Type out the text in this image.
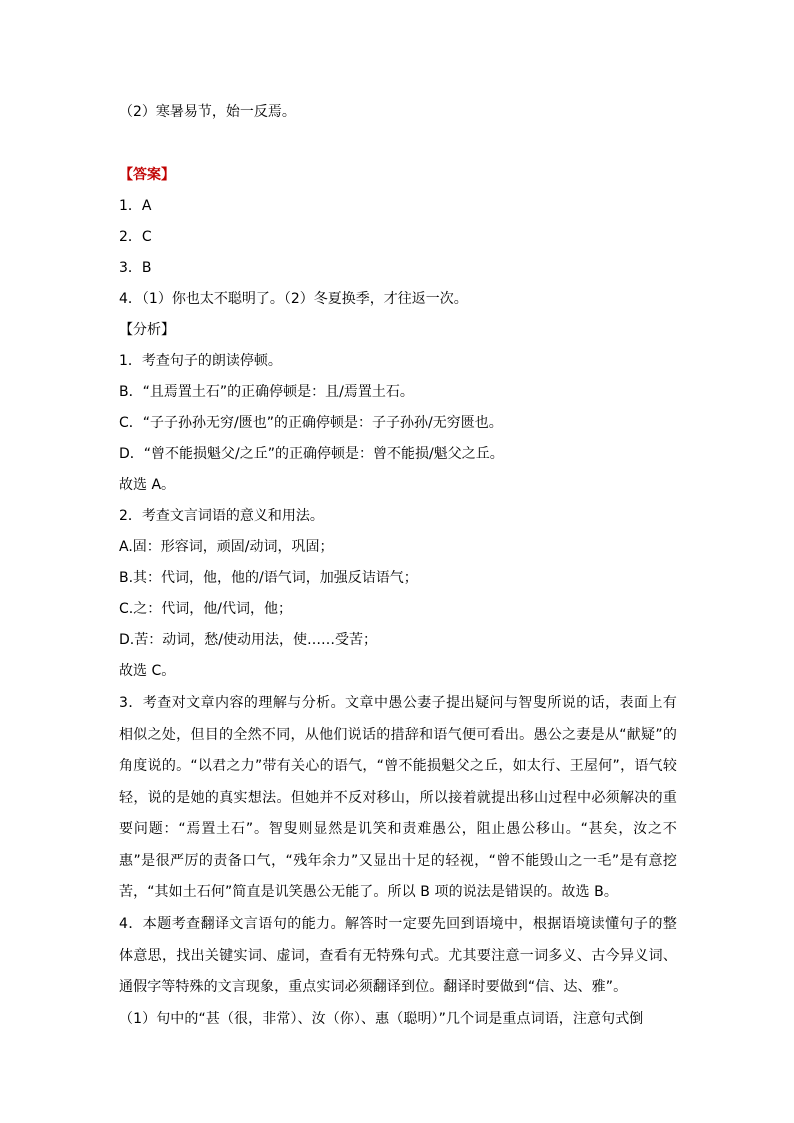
（2）寒暑易节，始一反焉。
【答案】
1．A
2．C
3．B
4．（1）你也太不聪明了。（2）冬夏换季，才往返一次。
【分析】
1．考查句子的朗读停顿。
B．“且焉置土石”的正确停顿是：且/焉置土石。
C．“子子孙孙无穷/匮也”的正确停顿是：子子孙孙/无穷匮也。
D．“曾不能损魁父/之丘”的正确停顿是：曾不能损/魁父之丘。
故选 A。
2．考查文言词语的意义和用法。
A.固：形容词，顽固/动词，巩固；
B.其：代词，他，他的/语气词，加强反诘语气；
C.之：代词，他/代词，他；
D.苦：动词，愁/使动用法，使……受苦；
故选 C。
3．考查对文章内容的理解与分析。文章中愚公妻子提出疑问与智叟所说的话，表面上有相似之处，但目的全然不同，从他们说话的措辞和语气便可看出。愚公之妻是从“献疑”的角度说的。“以君之力”带有关心的语气，“曾不能损魁父之丘，如太行、王屋何”，语气较轻，说的是她的真实想法。但她并不反对移山，所以接着就提出移山过程中必须解决的重要问题：“焉置土石”。智叟则显然是讥笑和责难愚公，阻止愚公移山。“甚矣，汝之不惠”是很严厉的责备口气，“残年余力”又显出十足的轻视，“曾不能毁山之一毛”是有意挖苦，“其如土石何”简直是讥笑愚公无能了。所以 B 项的说法是错误的。故选 B。
4．本题考查翻译文言语句的能力。解答时一定要先回到语境中，根据语境读懂句子的整体意思，找出关键实词、虚词，查看有无特殊句式。尤其要注意一词多义、古今异义词、通假字等特殊的文言现象，重点实词必须翻译到位。翻译时要做到“信、达、雅”。
（1）句中的“甚（很，非常）、汝（你）、惠（聪明）”几个词是重点词语，注意句式倒
